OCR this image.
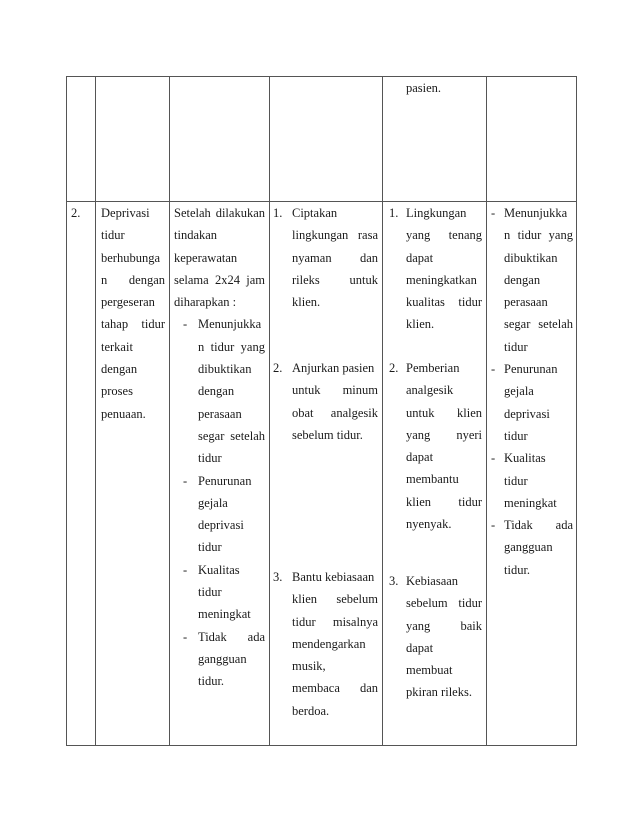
pasien.
2. Deprivasi
tidur
berhubunga
n dengan
pergeseran
tahap tidur
terkait
dengan
proses
penuaan.
Setelah dilakukan
tindakan
keperawatan
selama 2x24 jam
diharapkan :
- Menunjukka
n tidur yang
dibuktikan
dengan
perasaan
segar setelah
tidur
- Penurunan
gejala
deprivasi
tidur
- Kualitas
tidur
meningkat
- Tidak ada
gangguan
tidur.
1. Ciptakan
lingkungan rasa
nyaman dan
rileks untuk
klien.
2. Anjurkan pasien
untuk minum
obat analgesik
sebelum tidur.
3. Bantu kebiasaan
klien sebelum
tidur misalnya
mendengarkan
musik,
membaca dan
berdoa.
1. Lingkungan
yang tenang
dapat
meningkatkan
kualitas tidur
klien.
2. Pemberian
analgesik
untuk klien
yang nyeri
dapat
membantu
klien tidur
nyenyak.
3. Kebiasaan
sebelum tidur
yang baik
dapat
membuat
pkiran rileks.
- Menunjukka
n tidur yang
dibuktikan
dengan
perasaan
segar setelah
tidur
- Penurunan
gejala
deprivasi
tidur
- Kualitas
tidur
meningkat
- Tidak ada
gangguan
tidur.
